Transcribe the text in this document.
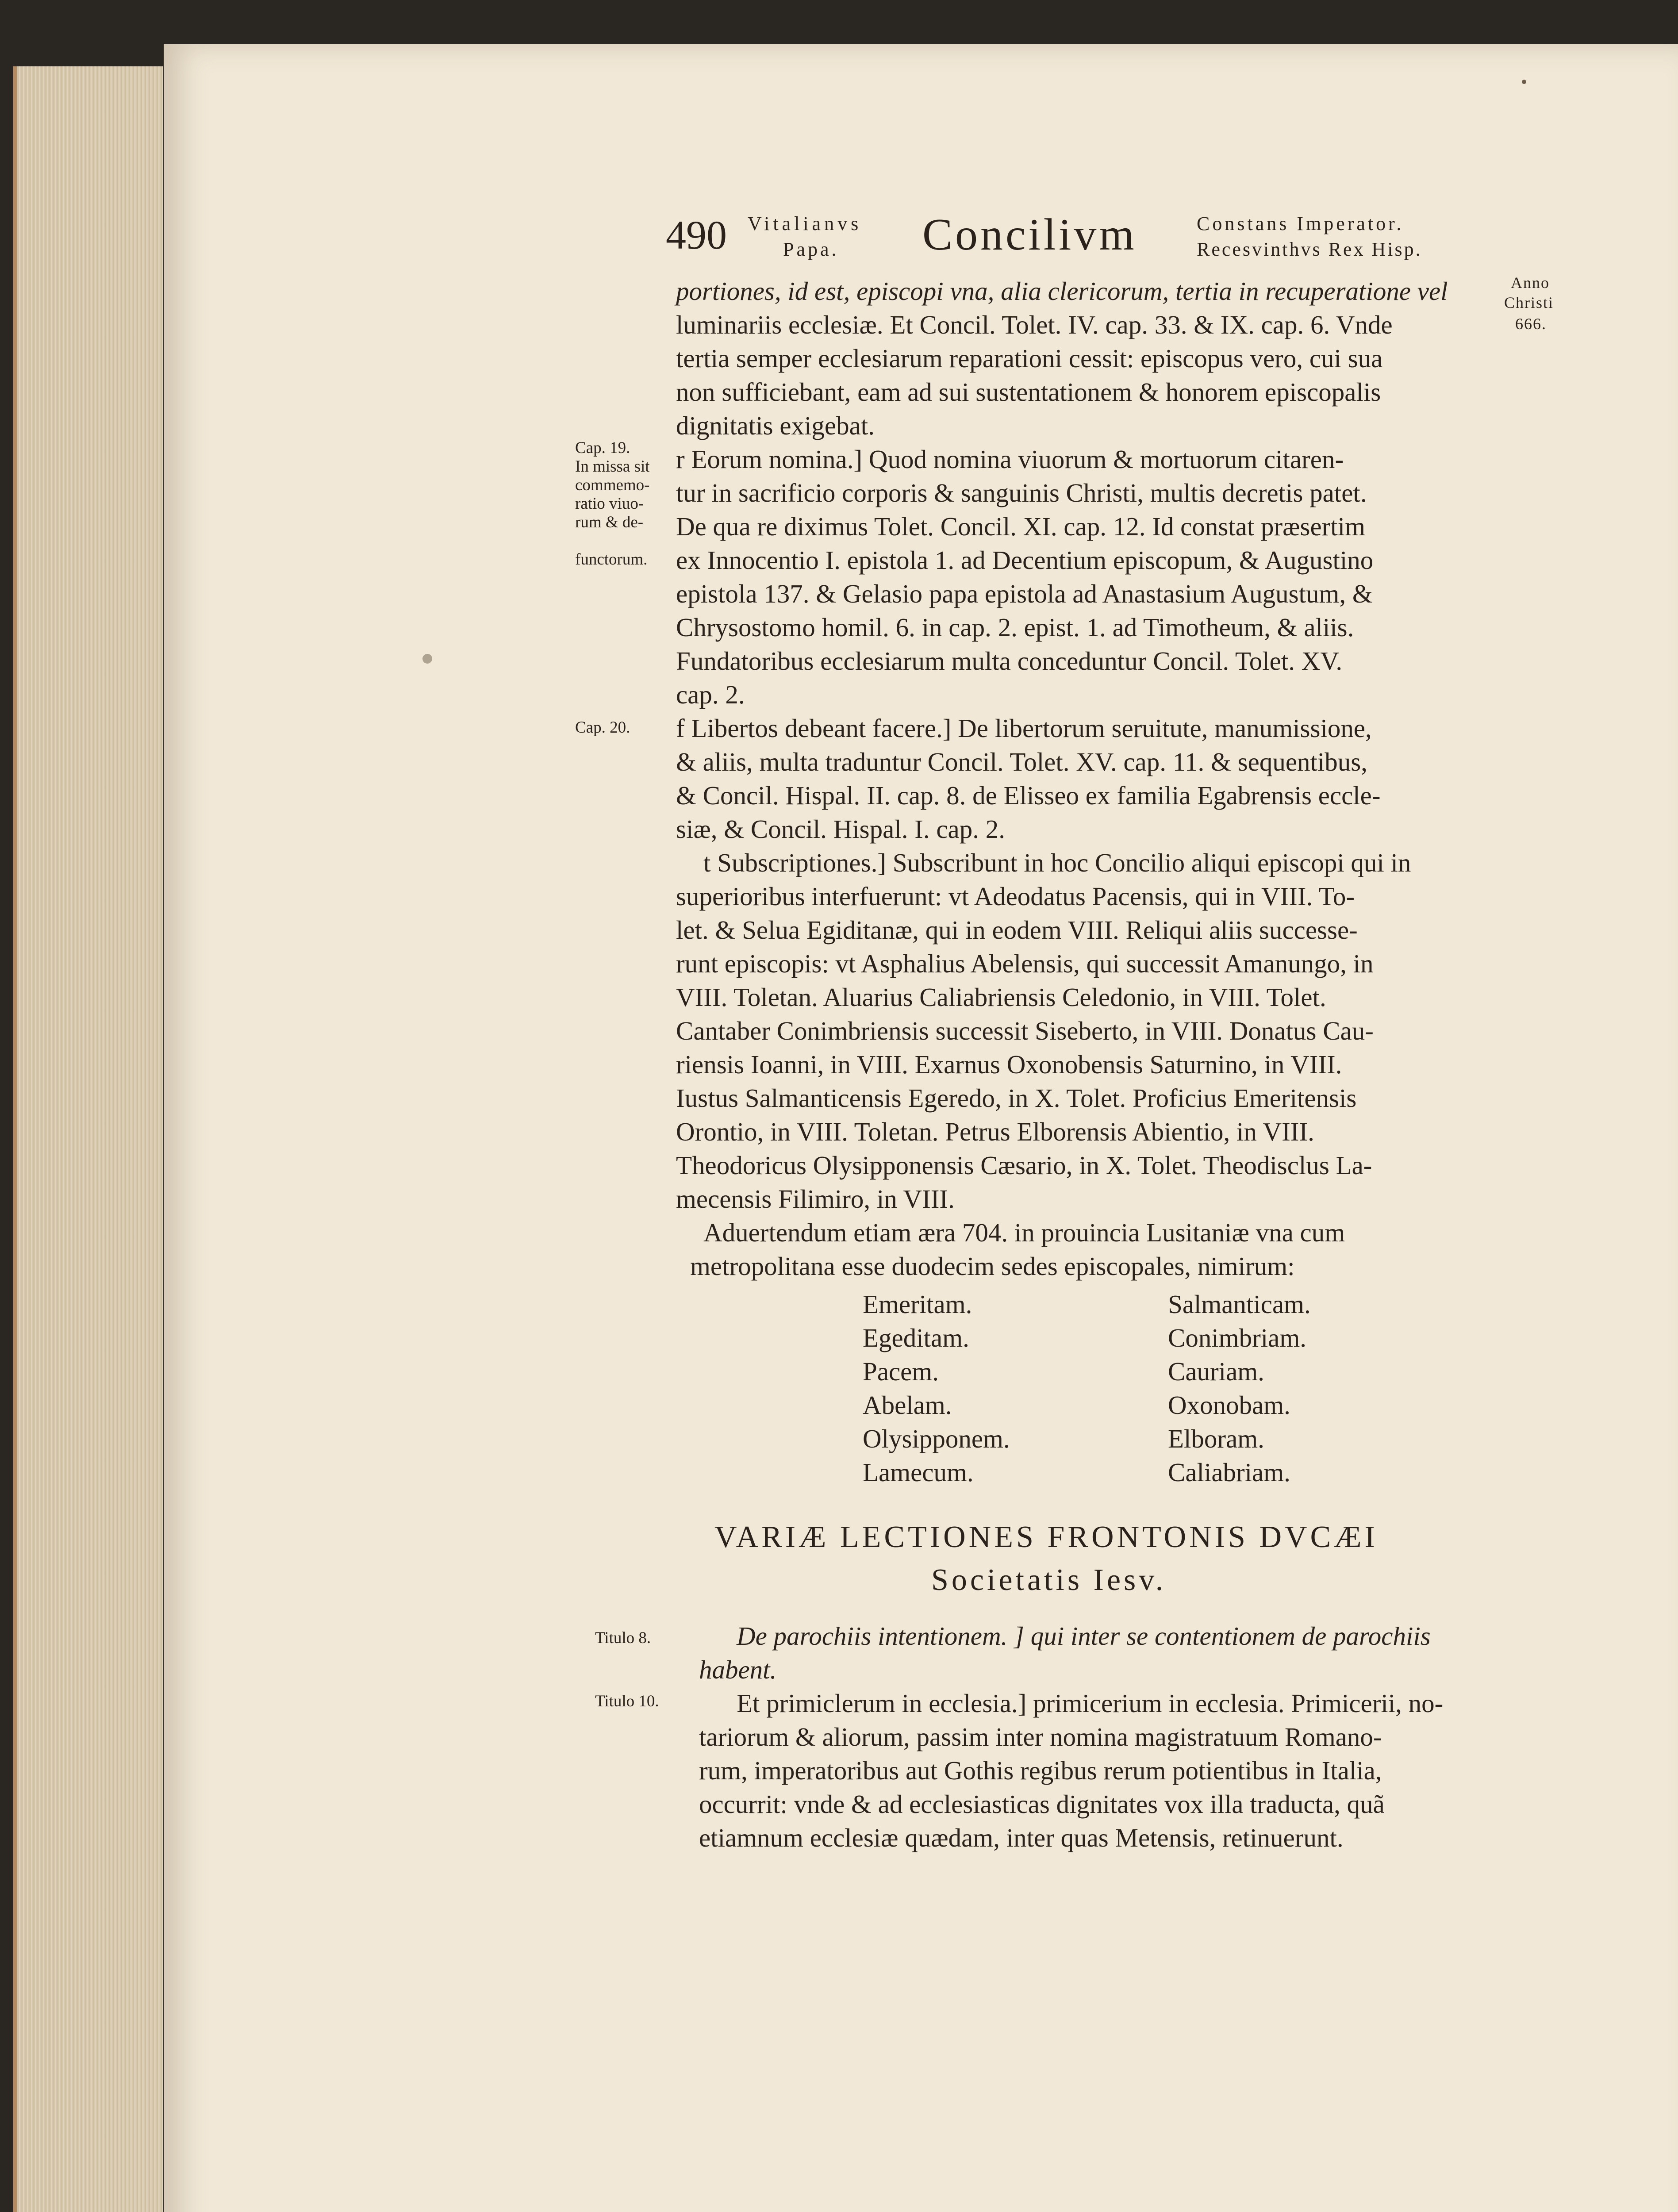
490 Vitalianvs
Papa. Concilivm	Constans Imperator.
Recesvinthvs Rex Hisp.
Anno
Christi
666.
Cap. 19.
In missa sit
commemo-
ratio viuo-
rum & de-
functorum.
Cap. 20.
Titulo 8.
Titulo 10.
portiones, id est, episcopi vna, alia clericorum, tertia in recuperatione vel
luminariis ecclesiæ. Et Concil. Tolet. IV. cap. 33. & IX. cap. 6. Vnde
tertia semper ecclesiarum reparationi cessit: episcopus vero, cui sua
non sufficiebant, eam ad sui sustentationem & honorem episcopalis
dignitatis exigebat.
r Eorum nomina.] Quod nomina viuorum & mortuorum citaren-
tur in sacrificio corporis & sanguinis Christi, multis decretis patet.
De qua re diximus Tolet. Concil. XI. cap. 12. Id constat præsertim
ex Innocentio I. epistola 1. ad Decentium episcopum, & Augustino
epistola 137. & Gelasio papa epistola ad Anastasium Augustum, &
Chrysostomo homil. 6. in cap. 2. epist. 1. ad Timotheum, & aliis.
Fundatoribus ecclesiarum multa conceduntur Concil. Tolet. XV.
cap. 2.
f Libertos debeant facere.] De libertorum seruitute, manumissione,
& aliis, multa traduntur Concil. Tolet. XV. cap. 11. & sequentibus,
& Concil. Hispal. II. cap. 8. de Elisseo ex familia Egabrensis eccle-
siæ, & Concil. Hispal. I. cap. 2.
t Subscriptiones.] Subscribunt in hoc Concilio aliqui episcopi qui in
superioribus interfuerunt: vt Adeodatus Pacensis, qui in VIII. To-
let. & Selua Egiditanæ, qui in eodem VIII. Reliqui aliis successe-
runt episcopis: vt Asphalius Abelensis, qui successit Amanungo, in
VIII. Toletan. Aluarius Caliabriensis Celedonio, in VIII. Tolet.
Cantaber Conimbriensis successit Siseberto, in VIII. Donatus Cau-
riensis Ioanni, in VIII. Exarnus Oxonobensis Saturnino, in VIII.
Iustus Salmanticensis Egeredo, in X. Tolet. Proficius Emeritensis
Orontio, in VIII. Toletan. Petrus Elborensis Abientio, in VIII.
Theodoricus Olysipponensis Cæsario, in X. Tolet. Theodisclus La-
mecensis Filimiro, in VIII.
Aduertendum etiam æra 704. in prouincia Lusitaniæ vna cum
metropolitana esse duodecim sedes episcopales, nimirum:
Emeritam.
Egeditam.
Pacem.
Abelam.
Olysipponem.
Lamecum.
Salmanticam.
Conimbriam.
Cauriam.
Oxonobam.
Elboram.
Caliabriam.
VARIÆ LECTIONES FRONTONIS DVCÆI
Societatis Iesv.
De parochiis intentionem. ] qui inter se contentionem de parochiis
habent.
Et primiclerum in ecclesia.] primicerium in ecclesia. Primicerii, no-
tariorum & aliorum, passim inter nomina magistratuum Romano-
rum, imperatoribus aut Gothis regibus rerum potientibus in Italia,
occurrit: vnde & ad ecclesiasticas dignitates vox illa traducta, quã
etiamnum ecclesiæ quædam, inter quas Metensis, retinuerunt.
